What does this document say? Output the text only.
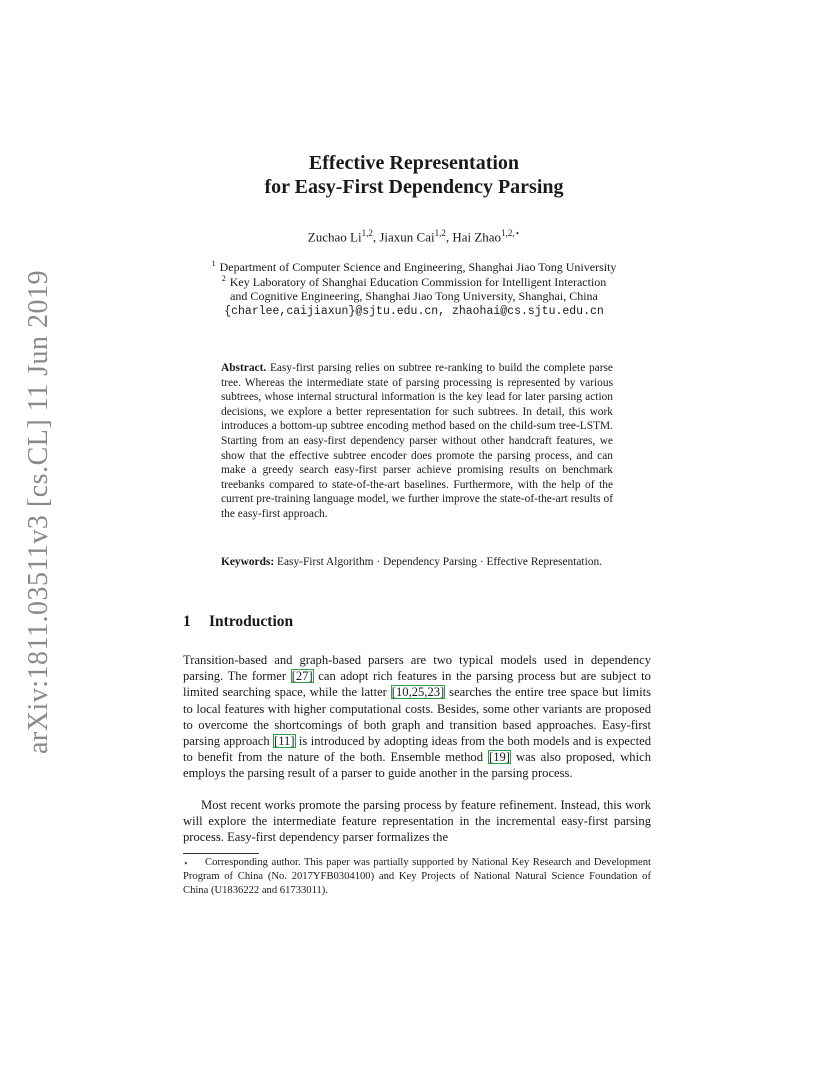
arXiv:1811.03511v3 [cs.CL] 11 Jun 2019
Effective Representation
for Easy-First Dependency Parsing
Zuchao Li$^{1,2}$, Jiaxun Cai$^{1,2}$, Hai Zhao$^{1,2,⋆}$
$^1$ Department of Computer Science and Engineering, Shanghai Jiao Tong University
$^2$ Key Laboratory of Shanghai Education Commission for Intelligent Interaction
and Cognitive Engineering, Shanghai Jiao Tong University, Shanghai, China
{charlee,caijiaxun}@sjtu.edu.cn, zhaohai@cs.sjtu.edu.cn
Abstract. Easy-first parsing relies on subtree re-ranking to build the complete parse tree. Whereas the intermediate state of parsing processing is represented by various subtrees, whose internal structural information is the key lead for later parsing action decisions, we explore a better representation for such subtrees. In detail, this work introduces a bottom-up subtree encoding method based on the child-sum tree-LSTM. Starting from an easy-first dependency parser without other handcraft features, we show that the effective subtree encoder does promote the parsing process, and can make a greedy search easy-first parser achieve promising results on benchmark treebanks compared to state-of-the-art baselines. Furthermore, with the help of the current pre-training language model, we further improve the state-of-the-art results of the easy-first approach.
Keywords: Easy-First Algorithm · Dependency Parsing · Effective Representation.
1 Introduction
Transition-based and graph-based parsers are two typical models used in dependency parsing. The former [27] can adopt rich features in the parsing process but are subject to limited searching space, while the latter [10,25,23] searches the entire tree space but limits to local features with higher computational costs. Besides, some other variants are proposed to overcome the shortcomings of both graph and transition based approaches. Easy-first parsing approach [11] is introduced by adopting ideas from the both models and is expected to benefit from the nature of the both. Ensemble method [19] was also proposed, which employs the parsing result of a parser to guide another in the parsing process.
Most recent works promote the parsing process by feature refinement. Instead, this work will explore the intermediate feature representation in the incremental easy-first parsing process. Easy-first dependency parser formalizes the
⋆ Corresponding author. This paper was partially supported by National Key Research and Development Program of China (No. 2017YFB0304100) and Key Projects of National Natural Science Foundation of China (U1836222 and 61733011).
